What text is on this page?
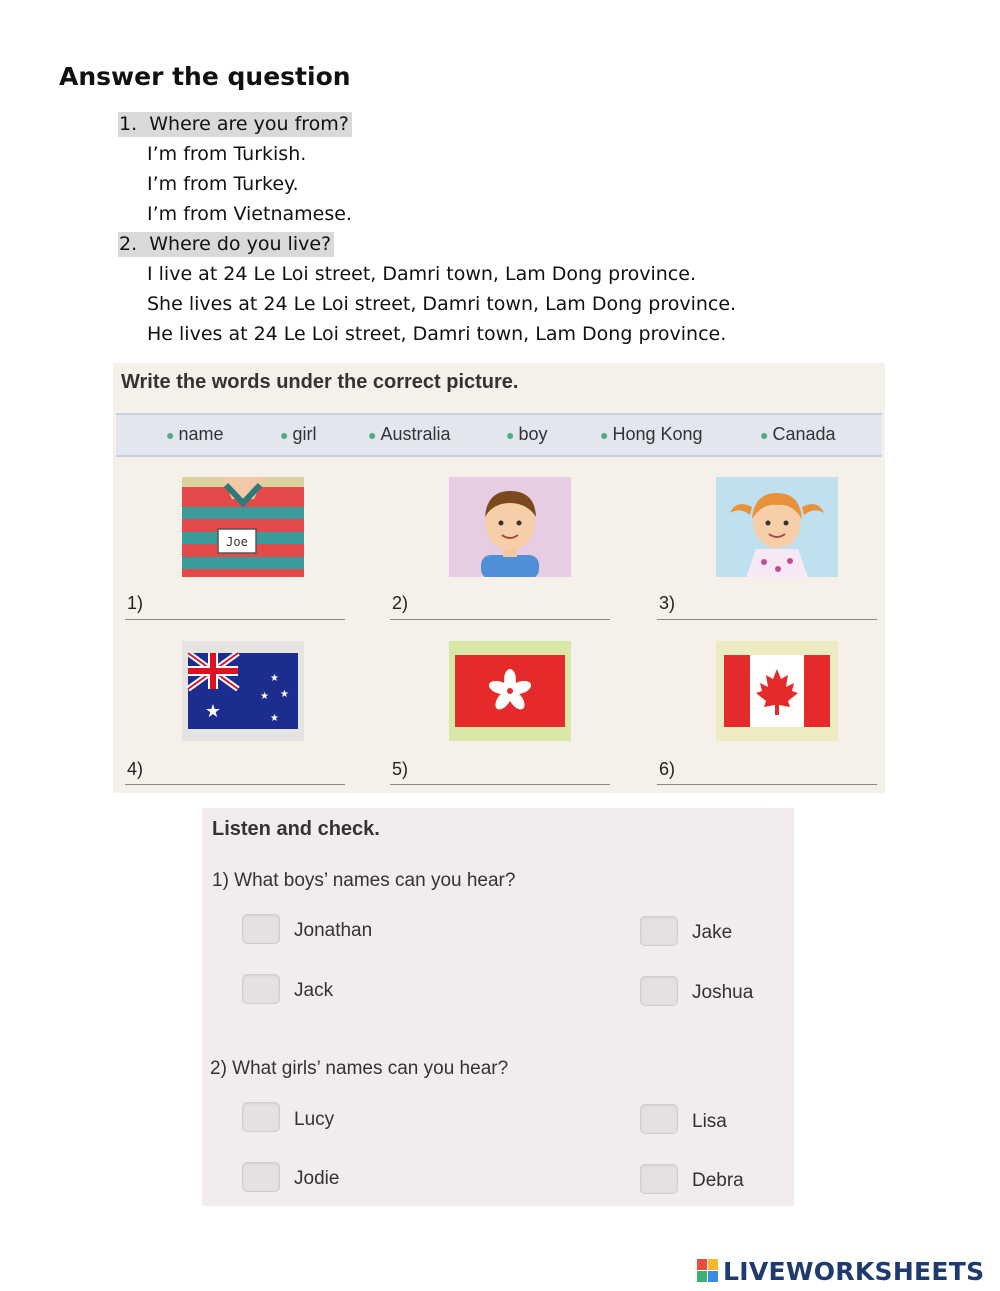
Answer the question
1. Where are you from?
I’m from Turkish.
I’m from Turkey.
I’m from Vietnamese.
2. Where do you live?
I live at 24 Le Loi street, Damri town, Lam Dong province.
She lives at 24 Le Loi street, Damri town, Lam Dong province.
He lives at 24 Le Loi street, Damri town, Lam Dong province.
Write the words under the correct picture.
● name	● girl	● Australia	● boy	● Hong Kong	● Canada
Joe
1)	2)	3)
★
★
★ ★
★
4)	5)	6)
Listen and check.
1) What boys’ names can you hear?
Jonathan	Jake
Jack	Joshua
2) What girls’ names can you hear?
Lucy	Lisa
Jodie	Debra
LIVEWORKSHEETS
